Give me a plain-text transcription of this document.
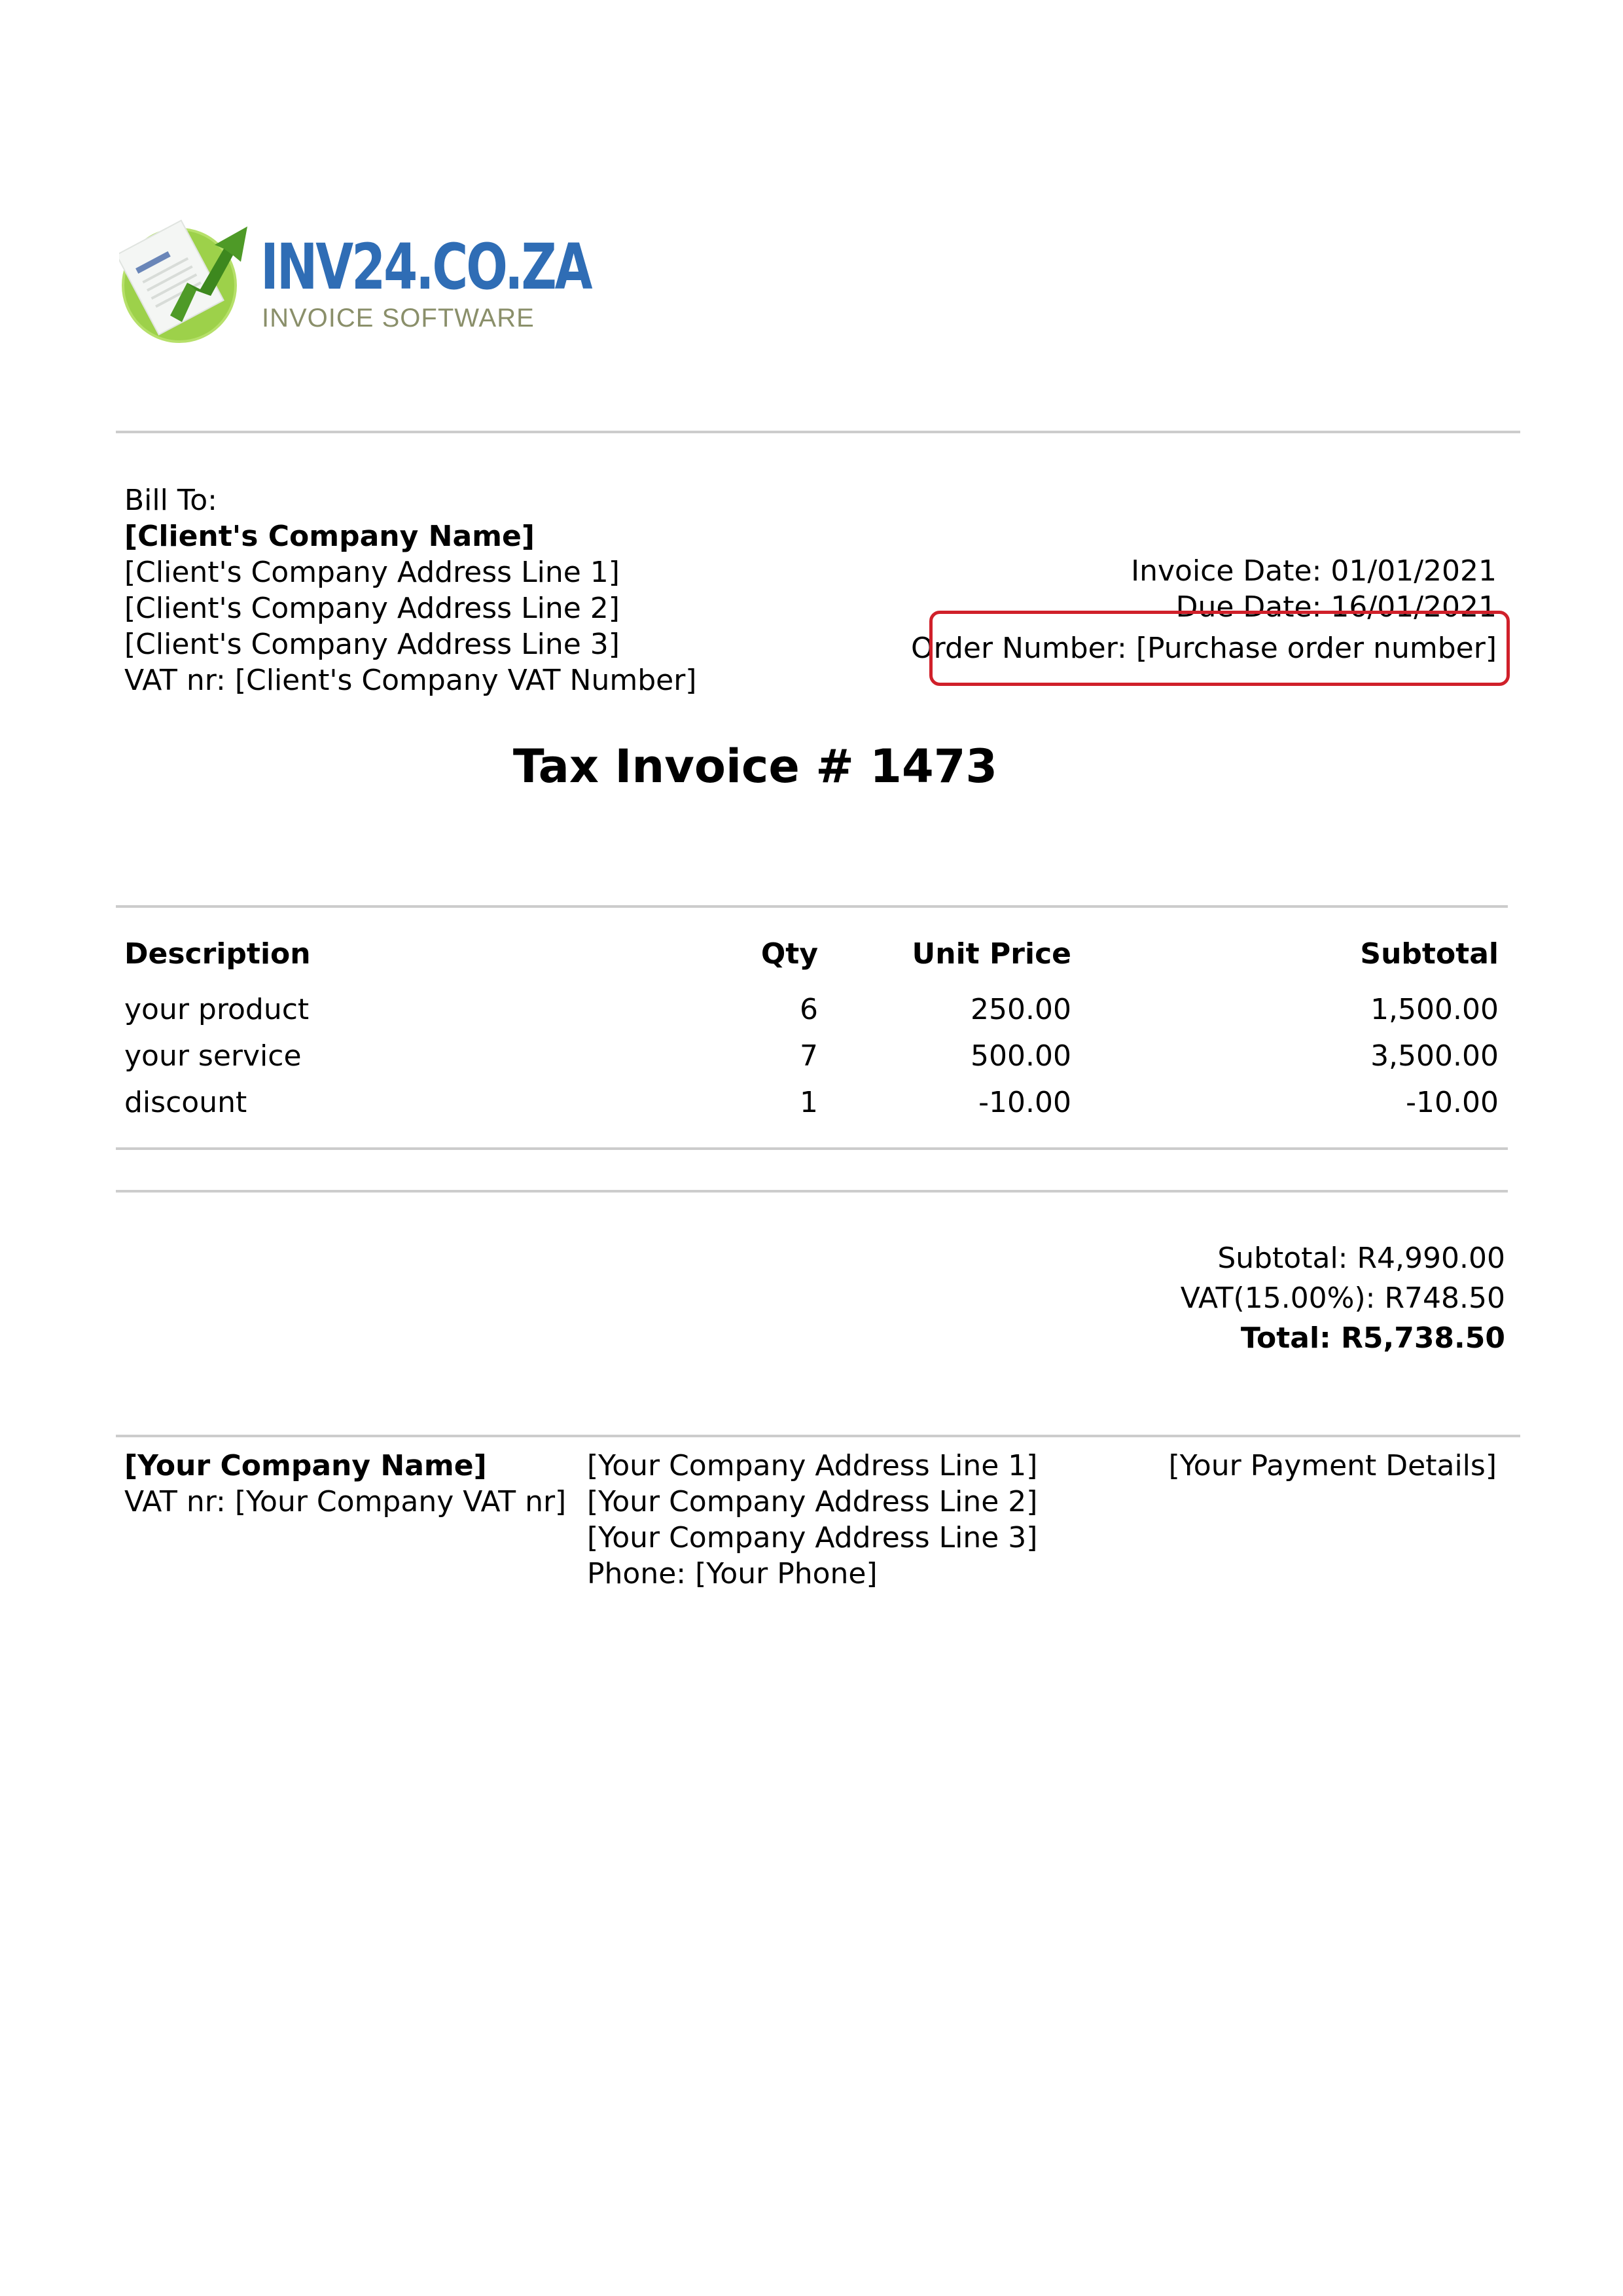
INV24.CO.ZA
INVOICE SOFTWARE
Bill To:
[Client's Company Name]
[Client's Company Address Line 1]
[Client's Company Address Line 2]
[Client's Company Address Line 3]
VAT nr: [Client's Company VAT Number]
Invoice Date: 01/01/2021
Due Date: 16/01/2021
Order Number: [Purchase order number]
Tax Invoice # 1473
Description	Qty	Unit Price	Subtotal
your product	6	250.00	1,500.00
your service	7	500.00	3,500.00
discount	1	-10.00	-10.00
Subtotal: R4,990.00
VAT(15.00%): R748.50
Total: R5,738.50
[Your Company Name]
VAT nr: [Your Company VAT nr]
[Your Company Address Line 1]
[Your Company Address Line 2]
[Your Company Address Line 3]
Phone: [Your Phone]
[Your Payment Details]
